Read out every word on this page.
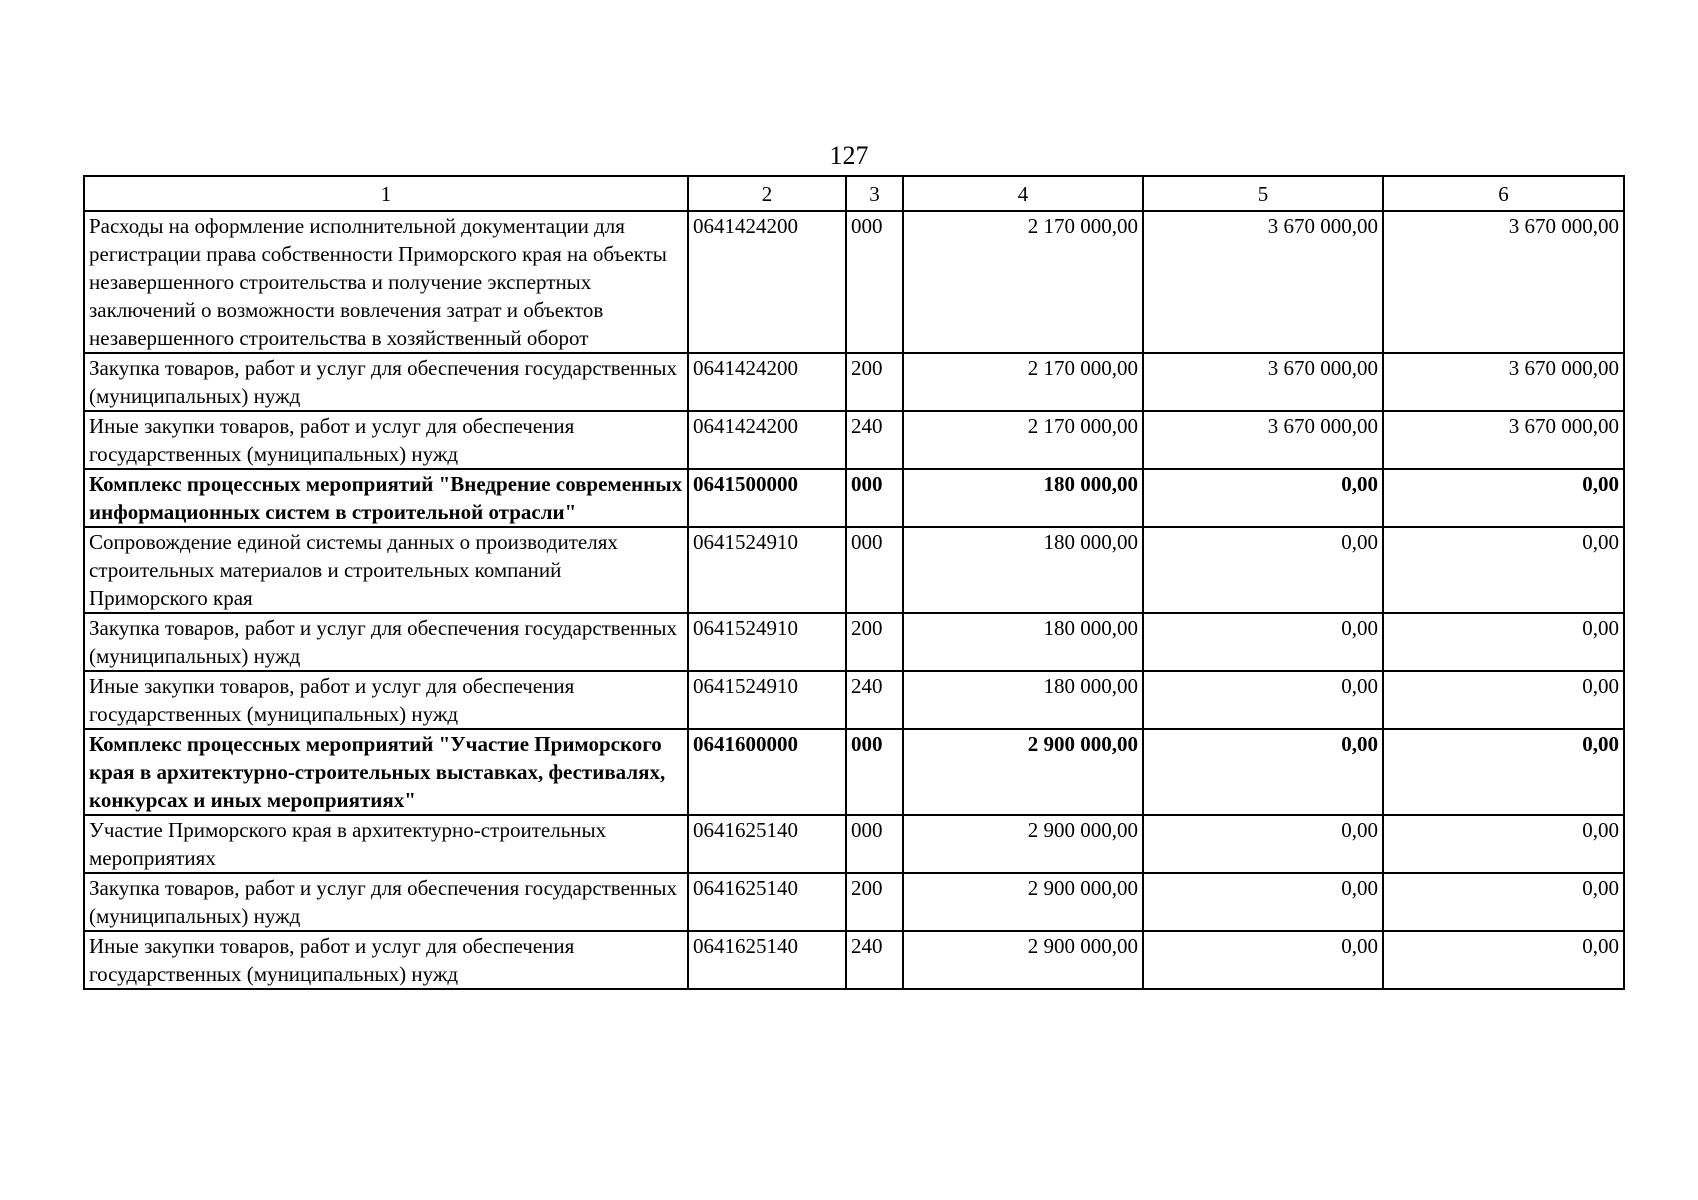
127
1	2	3	4	5	6
Расходы на оформление исполнительной документации для регистрации права собственности Приморского края на объекты незавершенного строительства и получение экспертных заключений о возможности вовлечения затрат и объектов незавершенного строительства в хозяйственный оборот	0641424200	000	2 170 000,00	3 670 000,00	3 670 000,00
Закупка товаров, работ и услуг для обеспечения государственных (муниципальных) нужд	0641424200	200	2 170 000,00	3 670 000,00	3 670 000,00
Иные закупки товаров, работ и услуг для обеспечения государственных (муниципальных) нужд	0641424200	240	2 170 000,00	3 670 000,00	3 670 000,00
Комплекс процессных мероприятий "Внедрение современных информационных систем в строительной отрасли"	0641500000	000	180 000,00	0,00	0,00
Сопровождение единой системы данных о производителях строительных материалов и строительных компаний Приморского края	0641524910	000	180 000,00	0,00	0,00
Закупка товаров, работ и услуг для обеспечения государственных (муниципальных) нужд	0641524910	200	180 000,00	0,00	0,00
Иные закупки товаров, работ и услуг для обеспечения государственных (муниципальных) нужд	0641524910	240	180 000,00	0,00	0,00
Комплекс процессных мероприятий "Участие Приморского края в архитектурно-строительных выставках, фестивалях, конкурсах и иных мероприятиях"	0641600000	000	2 900 000,00	0,00	0,00
Участие Приморского края в архитектурно-строительных мероприятиях	0641625140	000	2 900 000,00	0,00	0,00
Закупка товаров, работ и услуг для обеспечения государственных (муниципальных) нужд	0641625140	200	2 900 000,00	0,00	0,00
Иные закупки товаров, работ и услуг для обеспечения государственных (муниципальных) нужд	0641625140	240	2 900 000,00	0,00	0,00
